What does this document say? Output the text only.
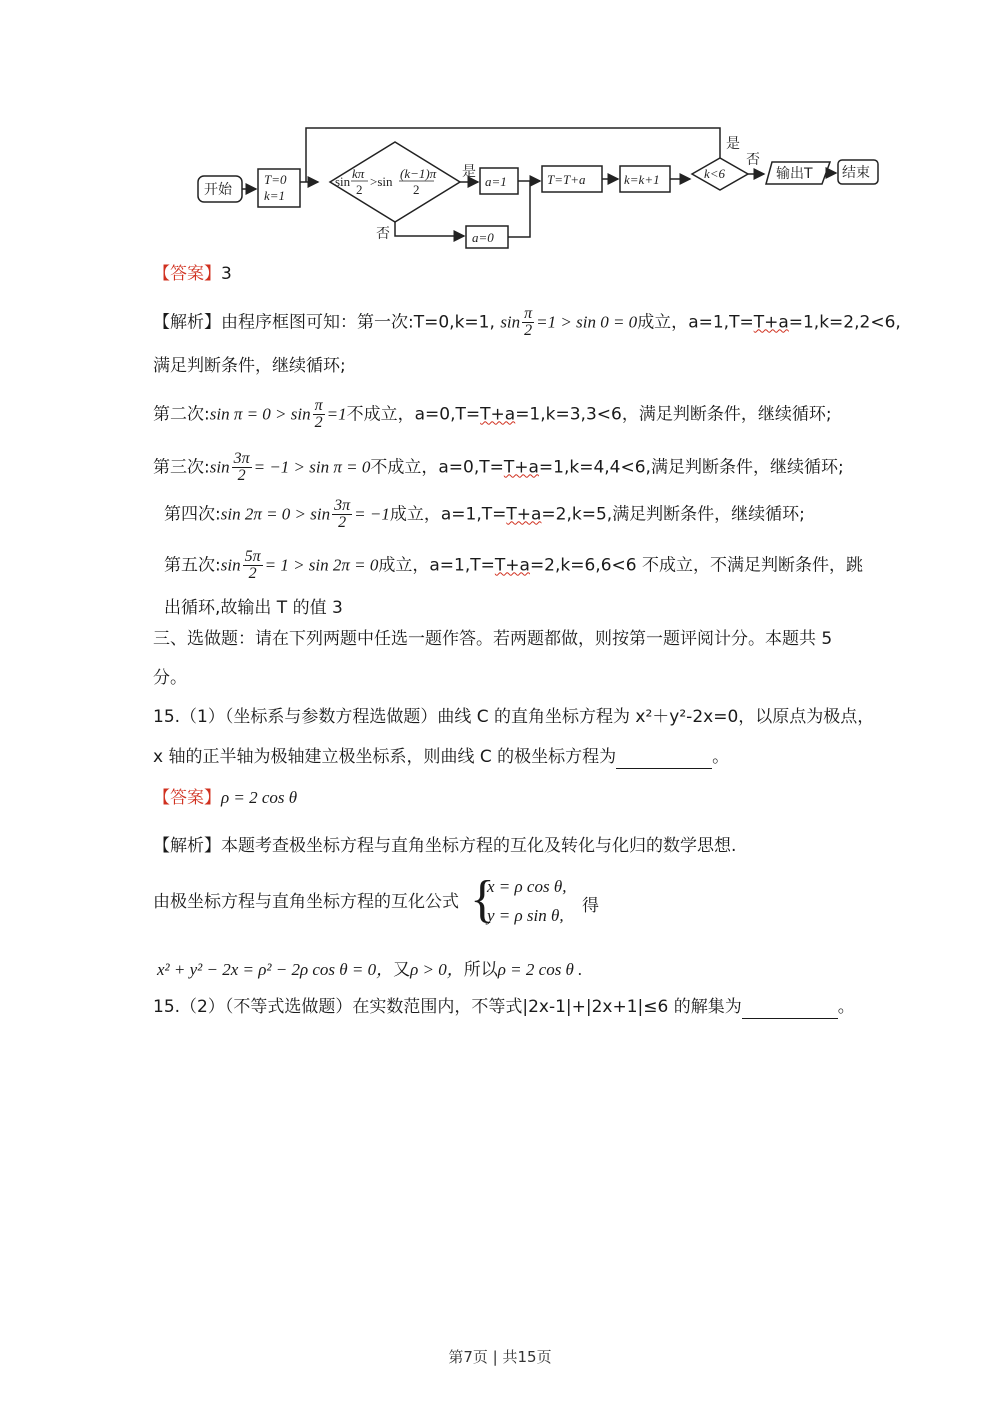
开始
T=0
k=1
sin
kπ
2
>sin
(k−1)π
2
是
a=1
否	a=0
T=T+a	k=k+1	k<6
是
否
输出T 结束
【答案】3
【解析】由程序框图可知：第一次:T=0,k=1, $\sin \frac{\pi}{2} =1 > \sin 0 = 0$成立，a=1,T=T+a=1,k=2,2<6,
满足判断条件，继续循环;
第二次:sin $\pi = 0 > \sin \frac{\pi}{2} =1$不成立，a=0,T=T+a=1,k=3,3<6，满足判断条件，继续循环;
第三次:sin $\frac{3\pi}{2} = -1 > \sin \pi = 0$不成立，a=0,T=T+a=1,k=4,4<6,满足判断条件，继续循环;
第四次:sin $2\pi = 0 > \sin \frac{3\pi}{2} = -1$成立，a=1,T=T+a=2,k=5,满足判断条件，继续循环;
第五次:sin $\frac{5\pi}{2} = 1 > \sin 2\pi = 0$成立，a=1,T=T+a=2,k=6,6<6 不成立，不满足判断条件，跳
出循环,故输出 T 的值 3
三、选做题：请在下列两题中任选一题作答。若两题都做，则按第一题评阅计分。本题共 5
分。
15.（1）（坐标系与参数方程选做题）曲线 C 的直角坐标方程为 x²＋y²-2x=0，以原点为极点，
x 轴的正半轴为极轴建立极坐标系，则曲线 C 的极坐标方程为	。
【答案】ρ = 2 cos θ
【解析】本题考查极坐标方程与直角坐标方程的互化及转化与化归的数学思想.
由极坐标方程与直角坐标方程的互化公式 {
x = ρ cos θ,
y = ρ sin θ, 得
x² + y² − 2x = ρ² − 2ρ cos θ = 0，又ρ > 0，所以ρ = 2 cos θ .
15.（2）（不等式选做题）在实数范围内，不等式|2x-1|+|2x+1|≤6 的解集为	。
第7页 | 共15页
